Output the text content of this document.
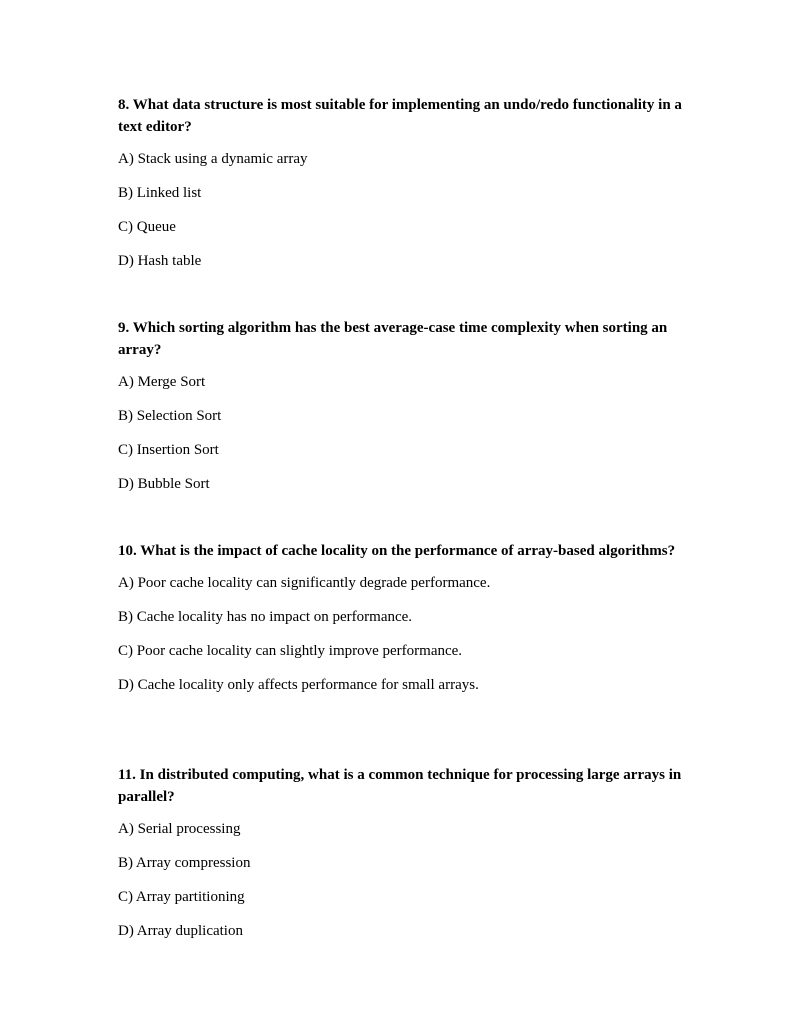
8. What data structure is most suitable for implementing an undo/redo functionality in a text editor?

A) Stack using a dynamic array
B) Linked list
C) Queue
D) Hash table

9. Which sorting algorithm has the best average-case time complexity when sorting an array?

A) Merge Sort
B) Selection Sort
C) Insertion Sort
D) Bubble Sort

10. What is the impact of cache locality on the performance of array-based algorithms?

A) Poor cache locality can significantly degrade performance.
B) Cache locality has no impact on performance.
C) Poor cache locality can slightly improve performance.
D) Cache locality only affects performance for small arrays.

11. In distributed computing, what is a common technique for processing large arrays in parallel?

A) Serial processing
B) Array compression
C) Array partitioning
D) Array duplication
